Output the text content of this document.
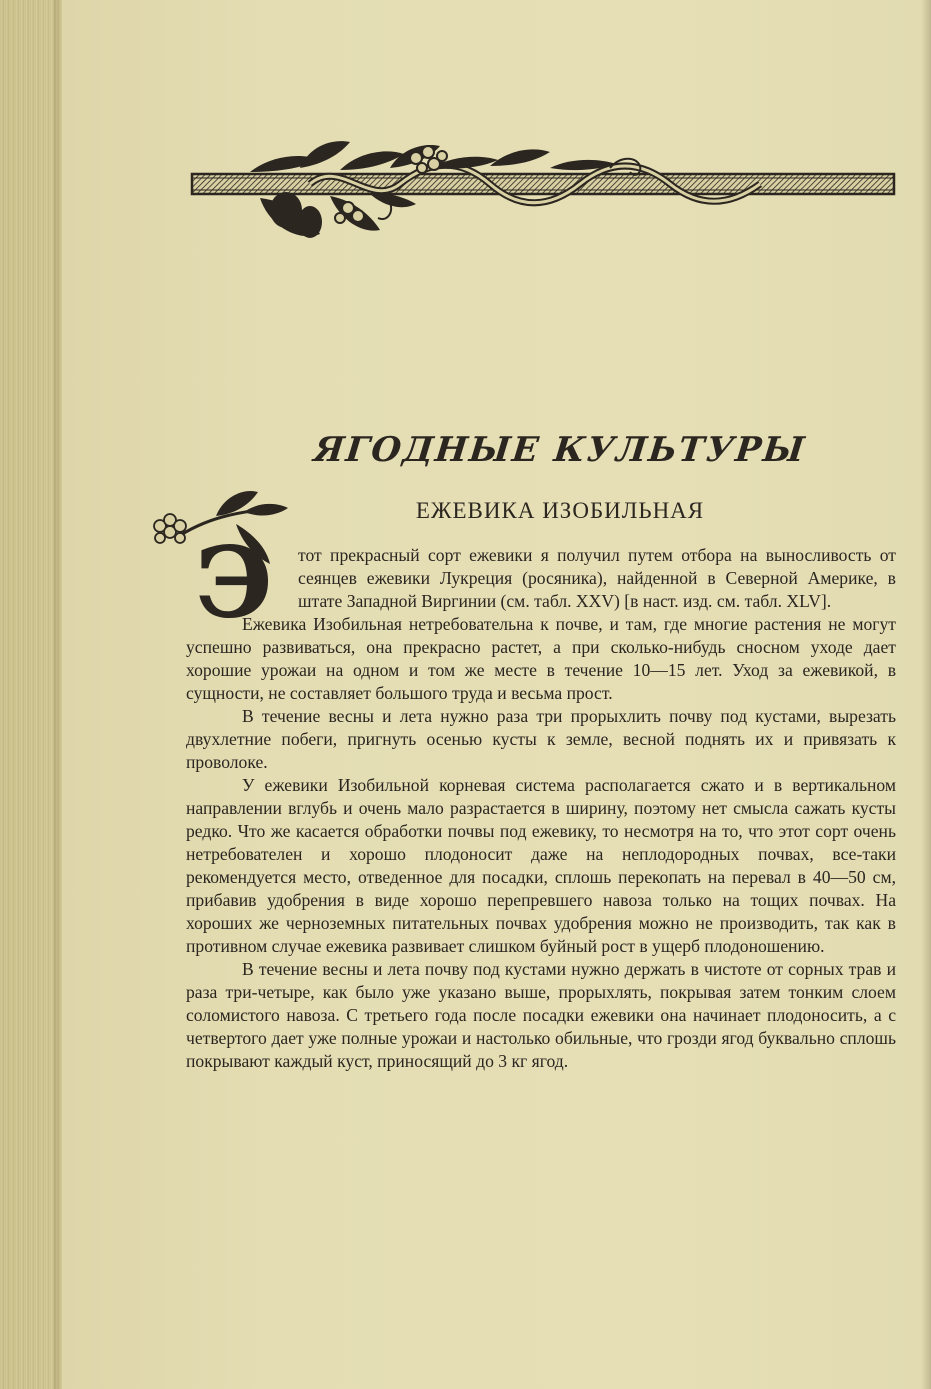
ЯГОДНЫЕ КУЛЬТУРЫ
ЕЖЕВИКА ИЗОБИЛЬНАЯ
Э	тот прекрасный сорт ежевики я получил путем отбора на выносливость от сеянцев ежевики Лукреция (росяника), найденной в Северной Америке, в штате Западной Виргинии (см. табл. XXV) [в наст. изд. см. табл. XLV].

Ежевика Изобильная нетребовательна к почве, и там, где многие растения не могут успешно развиваться, она прекрасно растет, а при сколько-нибудь сносном уходе дает хорошие урожаи на одном и том же месте в течение 10—15 лет. Уход за ежевикой, в сущности, не составляет большого труда и весьма прост.

В течение весны и лета нужно раза три прорыхлить почву под кустами, вырезать двухлетние побеги, пригнуть осенью кусты к земле, весной поднять их и привязать к проволоке.

У ежевики Изобильной корневая система располагается сжато и в вертикальном направлении вглубь и очень мало разрастается в ширину, поэтому нет смысла сажать кусты редко. Что же касается обработки почвы под ежевику, то несмотря на то, что этот сорт очень нетребователен и хорошо плодоносит даже на неплодородных почвах, все-таки рекомендуется место, отведенное для посадки, сплошь перекопать на перевал в 40—50 см, прибавив удобрения в виде хорошо перепревшего навоза только на тощих почвах. На хороших же черноземных питательных почвах удобрения можно не производить, так как в противном случае ежевика развивает слишком буйный рост в ущерб плодоношению.

В течение весны и лета почву под кустами нужно держать в чистоте от сорных трав и раза три-четыре, как было уже указано выше, прорыхлять, покрывая затем тонким слоем соломистого навоза. С третьего года после посадки ежевики она начинает плодоносить, а с четвертого дает уже полные урожаи и настолько обильные, что грозди ягод буквально сплошь покрывают каждый куст, приносящий до 3 кг ягод.
